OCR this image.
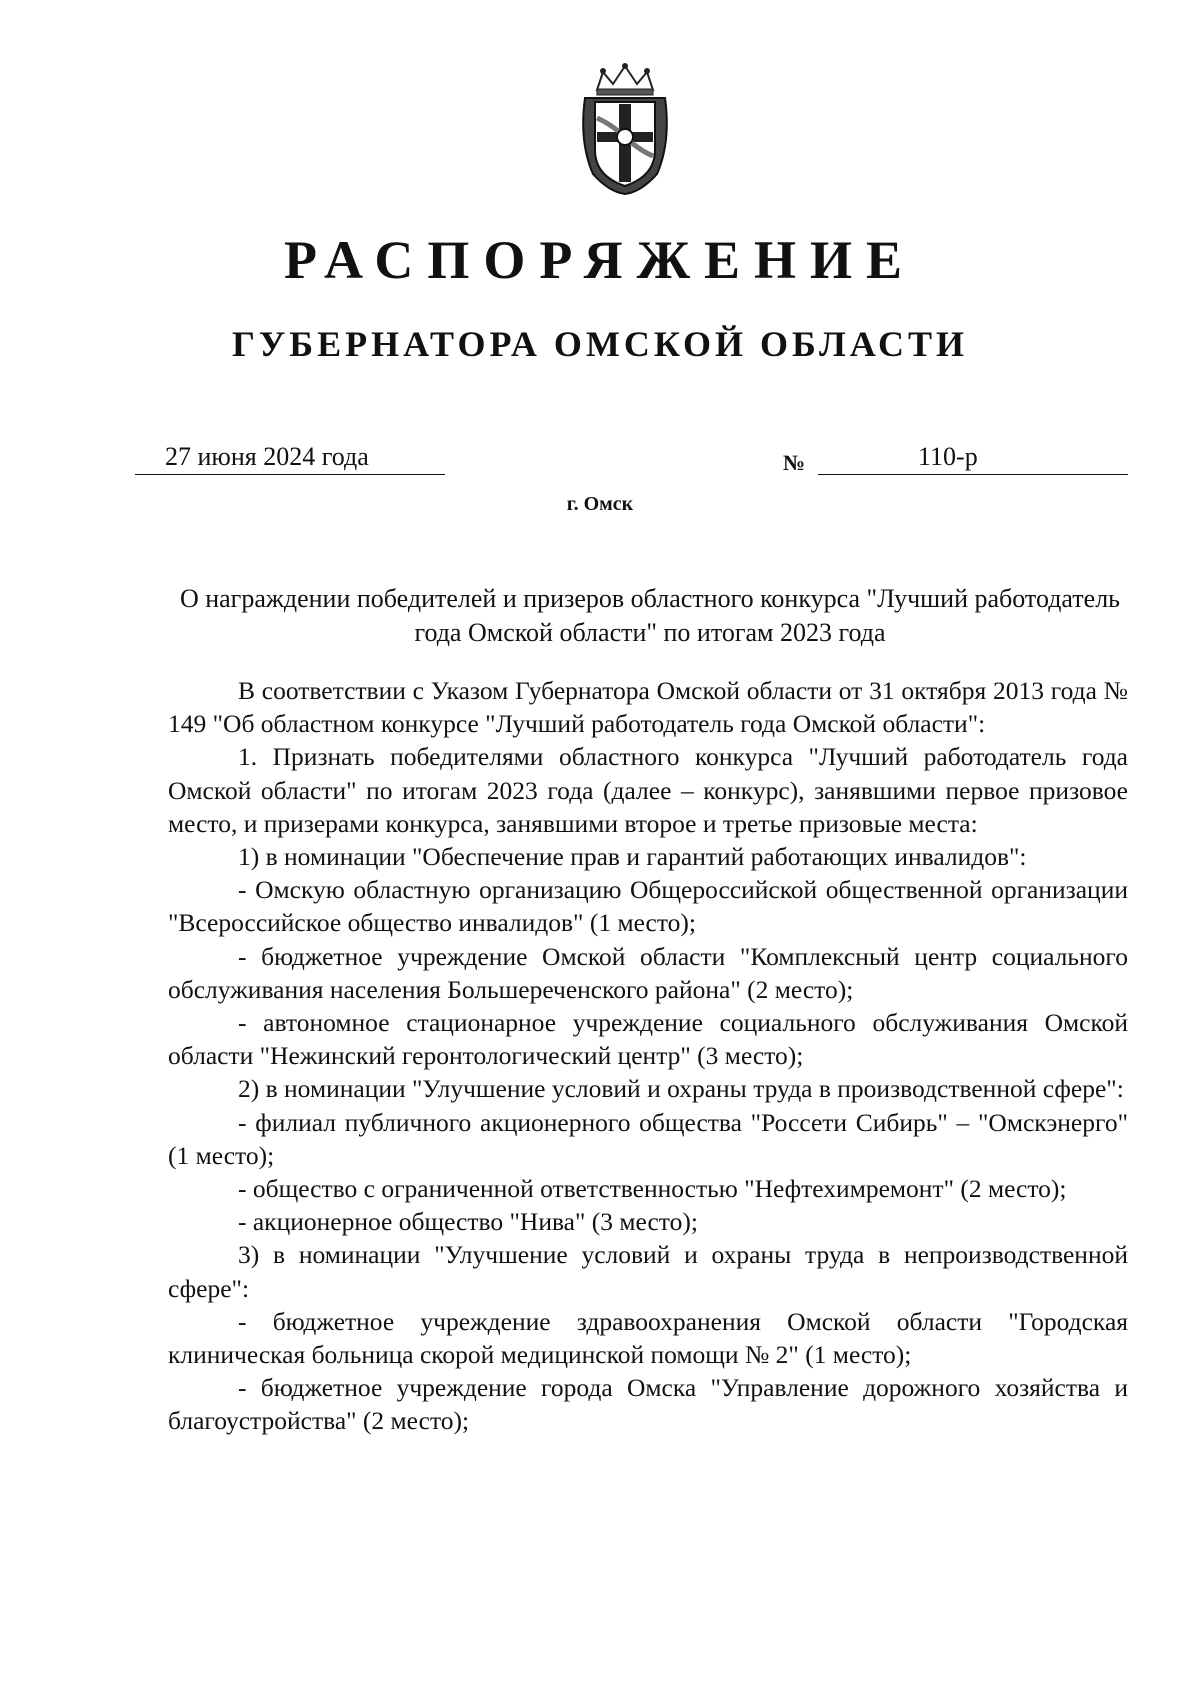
РАСПОРЯЖЕНИЕ
ГУБЕРНАТОРА ОМСКОЙ ОБЛАСТИ
27 июня 2024 года	№	110-р
г. Омск
О награждении победителей и призеров областного конкурса "Лучший работодатель года Омской области" по итогам 2023 года

В соответствии с Указом Губернатора Омской области от 31 октября 2013 года № 149 "Об областном конкурсе "Лучший работодатель года Омской области":

1. Признать победителями областного конкурса "Лучший работодатель года Омской области" по итогам 2023 года (далее – конкурс), занявшими первое призовое место, и призерами конкурса, занявшими второе и третье призовые места:

1) в номинации "Обеспечение прав и гарантий работающих инвалидов":

- Омскую областную организацию Общероссийской общественной организации "Всероссийское общество инвалидов" (1 место);

- бюджетное учреждение Омской области "Комплексный центр социального обслуживания населения Большереченского района" (2 место);

- автономное стационарное учреждение социального обслуживания Омской области "Нежинский геронтологический центр" (3 место);

2) в номинации "Улучшение условий и охраны труда в производственной сфере":

- филиал публичного акционерного общества "Россети Сибирь" – "Омскэнерго" (1 место);

- общество с ограниченной ответственностью "Нефтехимремонт" (2 место);

- акционерное общество "Нива" (3 место);

3) в номинации "Улучшение условий и охраны труда в непроизводственной сфере":

- бюджетное учреждение здравоохранения Омской области "Городская клиническая больница скорой медицинской помощи № 2" (1 место);

- бюджетное учреждение города Омска "Управление дорожного хозяйства и благоустройства" (2 место);
